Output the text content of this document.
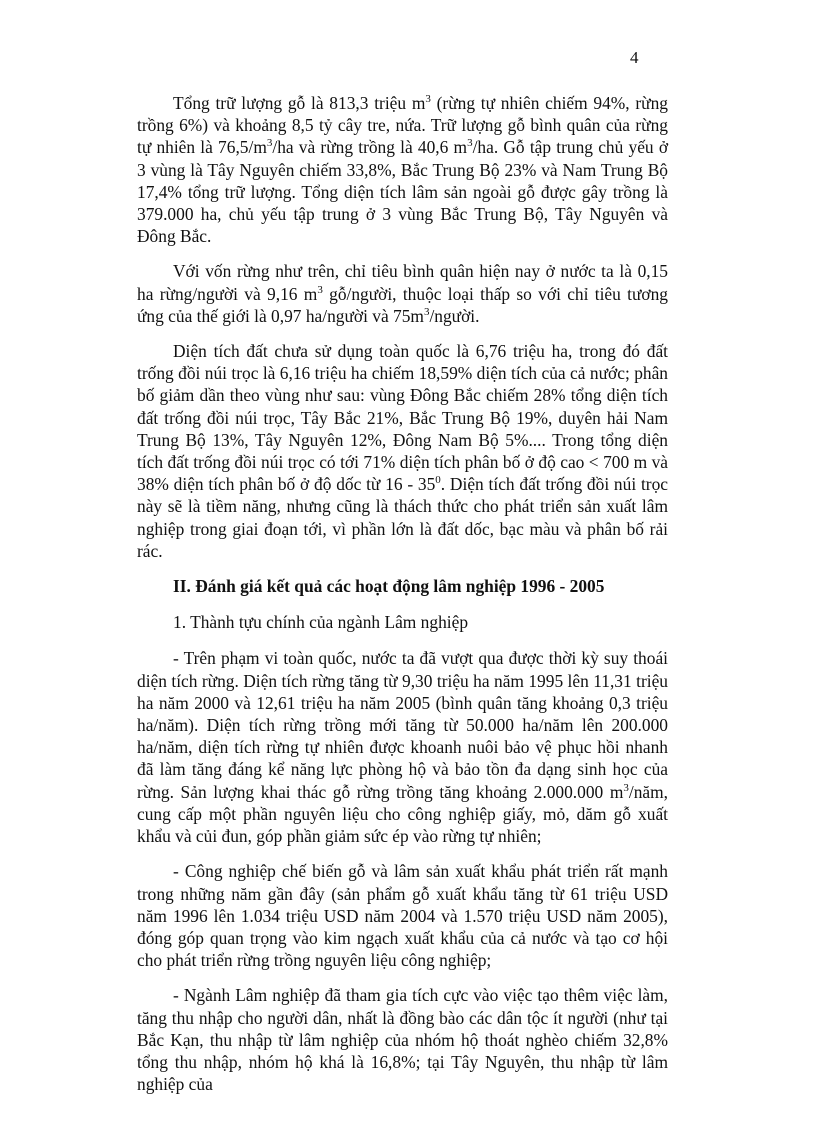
4

Tổng trữ lượng gỗ là 813,3 triệu $m^3$ (rừng tự nhiên chiếm 94%, rừng trồng 6%) và khoảng 8,5 tỷ cây tre, nứa. Trữ lượng gỗ bình quân của rừng tự nhiên là $76,5/m^3/ha$ và rừng trồng là 40,6 $m^3/ha$. Gỗ tập trung chủ yếu ở 3 vùng là Tây Nguyên chiếm 33,8%, Bắc Trung Bộ 23% và Nam Trung Bộ 17,4% tổng trữ lượng. Tổng diện tích lâm sản ngoài gỗ được gây trồng là 379.000 ha, chủ yếu tập trung ở 3 vùng Bắc Trung Bộ, Tây Nguyên và Đông Bắc.

Với vốn rừng như trên, chỉ tiêu bình quân hiện nay ở nước ta là 0,15 ha rừng/người và 9,16 $m^3$ gỗ/người, thuộc loại thấp so với chỉ tiêu tương ứng của thế giới là 0,97 ha/người và $75m^3$/người.

Diện tích đất chưa sử dụng toàn quốc là 6,76 triệu ha, trong đó đất trống đồi núi trọc là 6,16 triệu ha chiếm 18,59% diện tích của cả nước; phân bố giảm dần theo vùng như sau: vùng Đông Bắc chiếm 28% tổng diện tích đất trống đồi núi trọc, Tây Bắc 21%, Bắc Trung Bộ 19%, duyên hải Nam Trung Bộ 13%, Tây Nguyên 12%, Đông Nam Bộ 5%.... Trong tổng diện tích đất trống đồi núi trọc có tới 71% diện tích phân bố ở độ cao < 700 m và 38% diện tích phân bố ở độ dốc từ $16 - 35^0$. Diện tích đất trống đồi núi trọc này sẽ là tiềm năng, nhưng cũng là thách thức cho phát triển sản xuất lâm nghiệp trong giai đoạn tới, vì phần lớn là đất dốc, bạc màu và phân bố rải rác.

II. Đánh giá kết quả các hoạt động lâm nghiệp 1996 - 2005

1. Thành tựu chính của ngành Lâm nghiệp

- Trên phạm vi toàn quốc, nước ta đã vượt qua được thời kỳ suy thoái diện tích rừng. Diện tích rừng tăng từ 9,30 triệu ha năm 1995 lên 11,31 triệu ha năm 2000 và 12,61 triệu ha năm 2005 (bình quân tăng khoảng 0,3 triệu ha/năm). Diện tích rừng trồng mới tăng từ 50.000 ha/năm lên 200.000 ha/năm, diện tích rừng tự nhiên được khoanh nuôi bảo vệ phục hồi nhanh đã làm tăng đáng kể năng lực phòng hộ và bảo tồn đa dạng sinh học của rừng. Sản lượng khai thác gỗ rừng trồng tăng khoảng 2.000.000 $m^3$/năm, cung cấp một phần nguyên liệu cho công nghiệp giấy, mỏ, dăm gỗ xuất khẩu và củi đun, góp phần giảm sức ép vào rừng tự nhiên;

- Công nghiệp chế biến gỗ và lâm sản xuất khẩu phát triển rất mạnh trong những năm gần đây (sản phẩm gỗ xuất khẩu tăng từ 61 triệu USD năm 1996 lên 1.034 triệu USD năm 2004 và 1.570 triệu USD năm 2005), đóng góp quan trọng vào kim ngạch xuất khẩu của cả nước và tạo cơ hội cho phát triển rừng trồng nguyên liệu công nghiệp;

- Ngành Lâm nghiệp đã tham gia tích cực vào việc tạo thêm việc làm, tăng thu nhập cho người dân, nhất là đồng bào các dân tộc ít người (như tại Bắc Kạn, thu nhập từ lâm nghiệp của nhóm hộ thoát nghèo chiếm 32,8% tổng thu nhập, nhóm hộ khá là 16,8%; tại Tây Nguyên, thu nhập từ lâm nghiệp của
